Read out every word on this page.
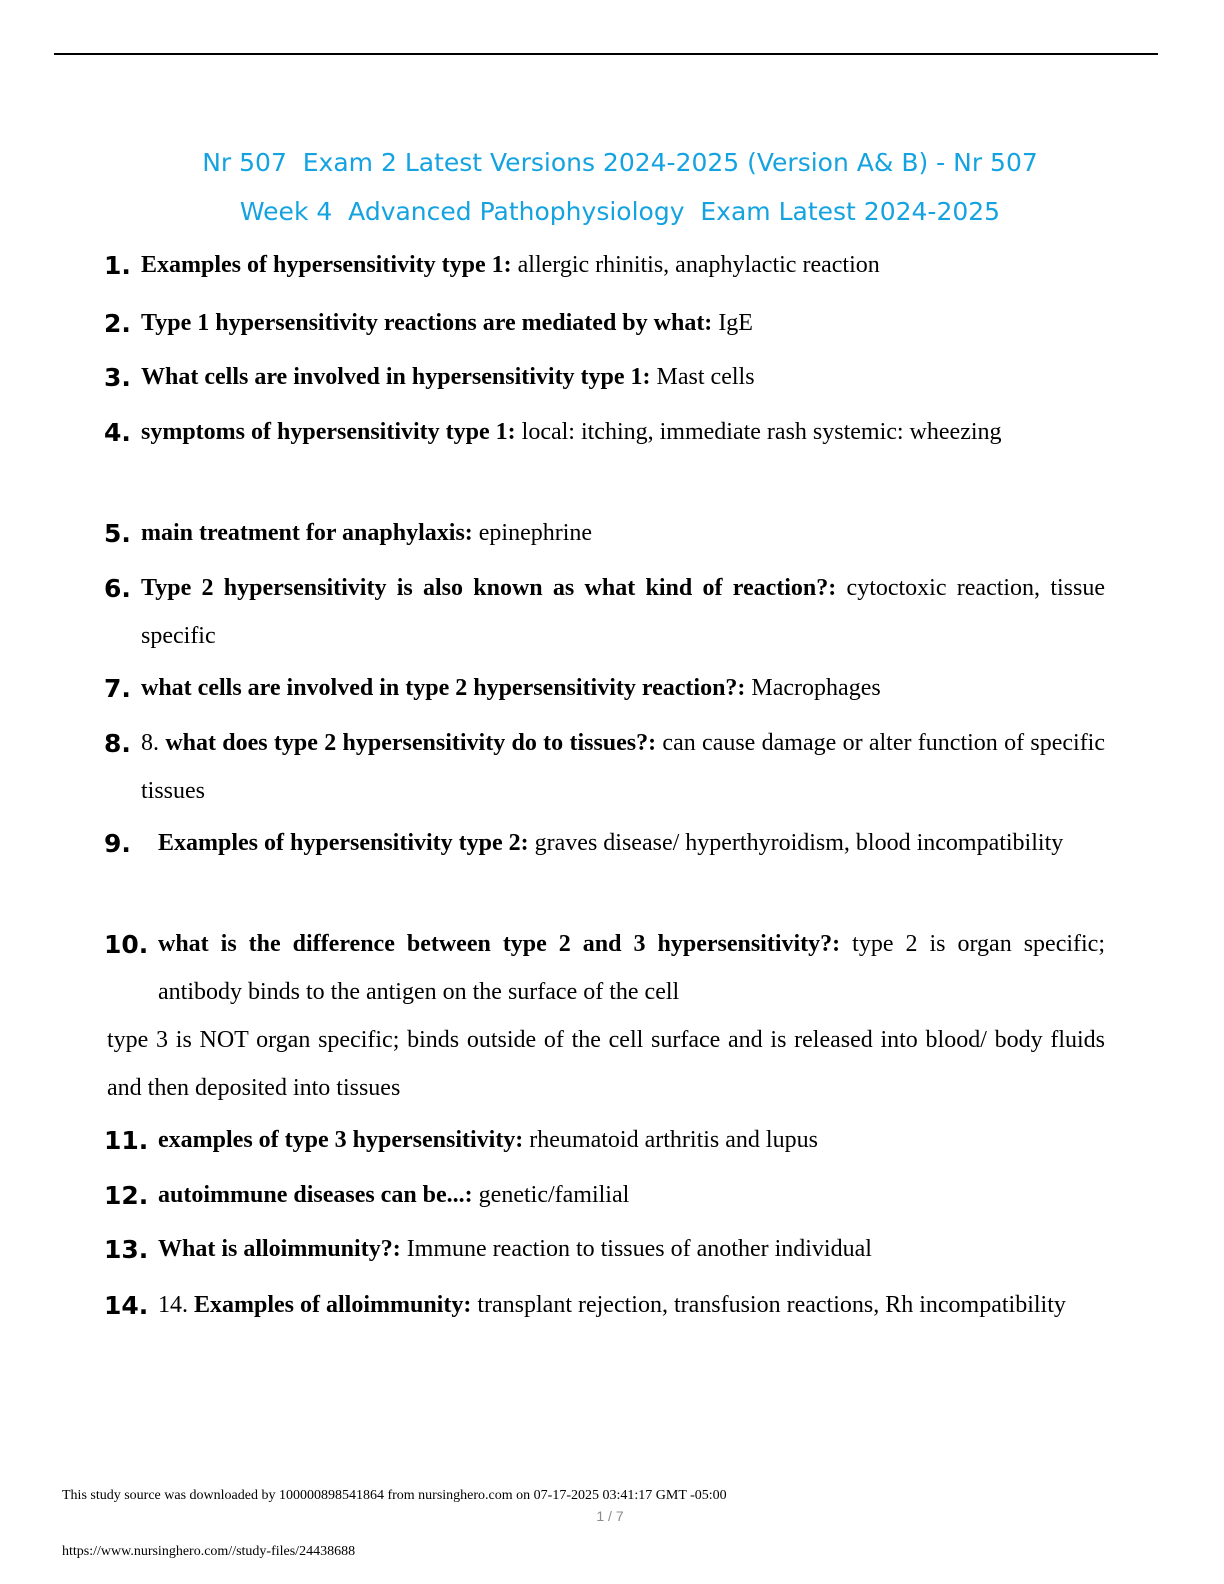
Nr 507  Exam 2 Latest Versions 2024-2025 (Version A& B) - Nr 507
Week 4  Advanced Pathophysiology  Exam Latest 2024-2025
1. Examples of hypersensitivity type 1: allergic rhinitis, anaphylactic reaction
2. Type 1 hypersensitivity reactions are mediated by what: IgE
3. What cells are involved in hypersensitivity type 1: Mast cells
4. symptoms of hypersensitivity type 1: local: itching, immediate rash systemic: wheezing
5. main treatment for anaphylaxis: epinephrine
6. Type 2 hypersensitivity is also known as what kind of reaction?: cytoctoxic reaction, tissue specific
7. what cells are involved in type 2 hypersensitivity reaction?: Macrophages
8. 8. what does type 2 hypersensitivity do to tissues?: can cause damage or alter function of specific tissues
9. Examples of hypersensitivity type 2: graves disease/ hyperthyroidism, blood incompatibility
10. what is the difference between type 2 and 3 hypersensitivity?: type 2 is organ specific; antibody binds to the antigen on the surface of the cell
type 3 is NOT organ specific; binds outside of the cell surface and is released into blood/ body fluids and then deposited into tissues
11. examples of type 3 hypersensitivity: rheumatoid arthritis and lupus
12. autoimmune diseases can be...: genetic/familial
13. What is alloimmunity?: Immune reaction to tissues of another individual
14. 14. Examples of alloimmunity: transplant rejection, transfusion reactions, Rh incompatibility
This study source was downloaded by 100000898541864 from nursinghero.com on 07-17-2025 03:41:17 GMT -05:00
1 / 7
https://www.nursinghero.com//study-files/24438688
